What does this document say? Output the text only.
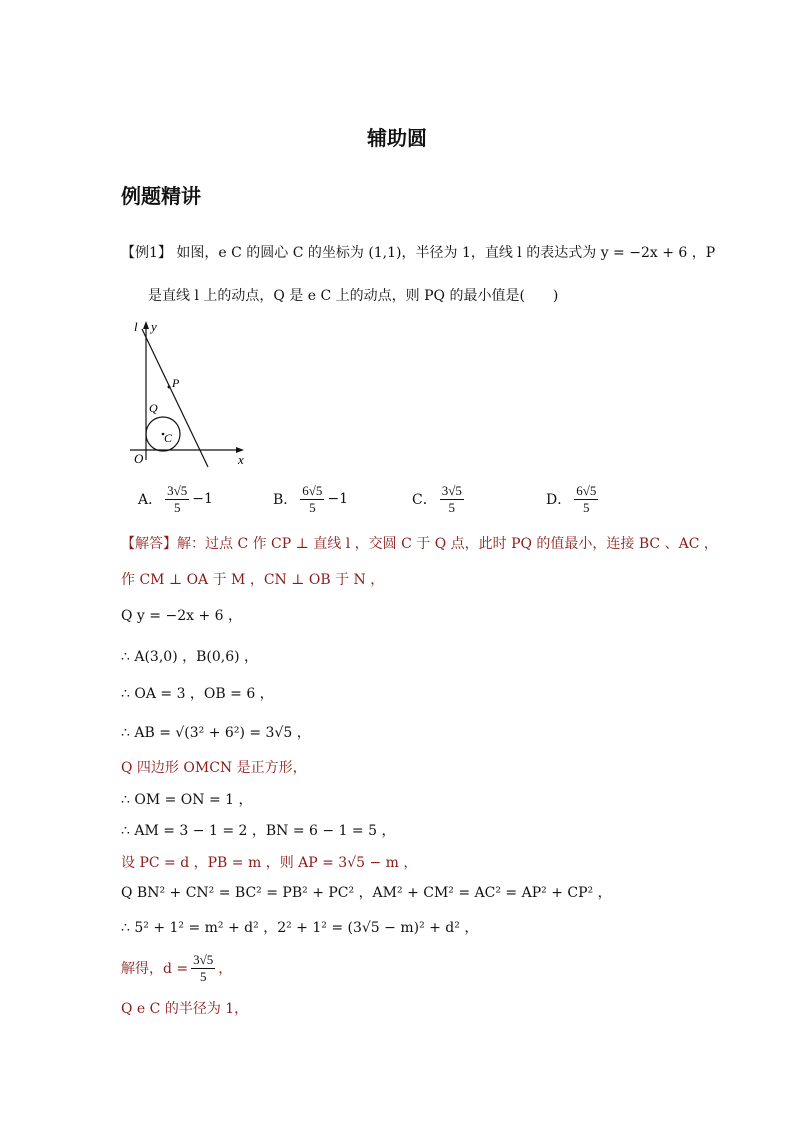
辅助圆
例题精讲
【例1】 如图，e C 的圆心 C 的坐标为 (1,1)，半径为 1，直线 l 的表达式为 y = −2x + 6 ，P
是直线 l 上的动点，Q 是 e C 上的动点，则 PQ 的最小值是(　　)
l y
P
Q
C
O	x
A． $\frac{3√5}{5} -1$	B． $\frac{6√5}{5} -1$	C． $\frac{3√5}{5}$	D． $\frac{6√5}{5}$
【解答】解：过点 C 作 CP ⊥ 直线 l ，交圆 C 于 Q 点，此时 PQ 的值最小，连接 BC 、AC ，
作 CM ⊥ OA 于 M ，CN ⊥ OB 于 N ，
Q y = −2x + 6 ，
∴ A(3,0) ，B(0,6) ，
∴ OA = 3 ，OB = 6 ，
∴ AB = √(3² + 6²) = 3√5 ，
Q 四边形 OMCN 是正方形，
∴ OM = ON = 1 ，
∴ AM = 3 − 1 = 2 ，BN = 6 − 1 = 5 ，
设 PC = d ，PB = m ，则 AP = 3√5 − m ，
Q BN² + CN² = BC² = PB² + PC² ，AM² + CM² = AC² = AP² + CP² ，
∴ 5² + 1² = m² + d² ，2² + 1² = (3√5 − m)² + d² ，
解得，$d = \frac{3√5}{5}$ ，
Q e C 的半径为 1，
